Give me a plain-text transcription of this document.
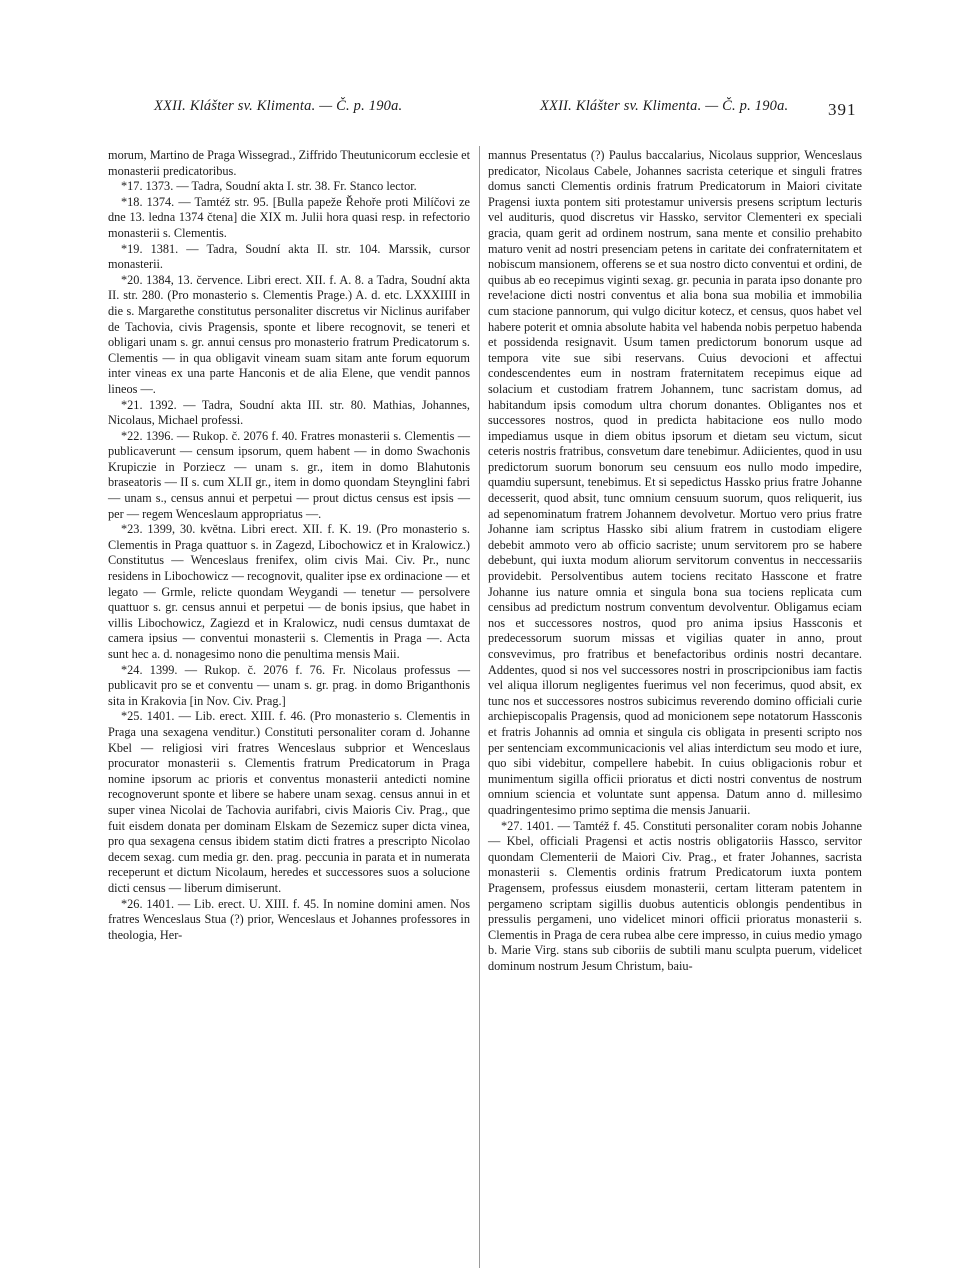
XXII. Klášter sv. Klimenta. — Č. p. 190a.	XXII. Klášter sv. Klimenta. — Č. p. 190a. 391

morum, Martino de Praga Wissegrad., Ziffrido Theutunicorum ecclesie et monasterii predicatoribus.

*17. 1373. — Tadra, Soudní akta I. str. 38. Fr. Stanco lector.

*18. 1374. — Tamtéž str. 95. [Bulla papeže Řehoře proti Milíčovi ze dne 13. ledna 1374 čtena] die XIX m. Julii hora quasi resp. in refectorio monasterii s. Clementis.

*19. 1381. — Tadra, Soudní akta II. str. 104. Marssik, cursor monasterii.

*20. 1384, 13. července. Libri erect. XII. f. A. 8. a Tadra, Soudní akta II. str. 280. (Pro monasterio s. Clementis Prage.) A. d. etc. LXXXIIII in die s. Margarethe constitutus personaliter discretus vir Niclinus aurifaber de Tachovia, civis Pragensis, sponte et libere recognovit, se teneri et obligari unam s. gr. annui census pro monasterio fratrum Predicatorum s. Clementis — in qua obligavit vineam suam sitam ante forum equorum inter vineas ex una parte Hanconis et de alia Elene, que vendit pannos lineos —.

*21. 1392. — Tadra, Soudní akta III. str. 80. Mathias, Johannes, Nicolaus, Michael professi.

*22. 1396. — Rukop. č. 2076 f. 40. Fratres monasterii s. Clementis — publicaverunt — censum ipsorum, quem habent — in domo Swachonis Krupiczie in Porziecz — unam s. gr., item in domo Blahutonis braseatoris — II s. cum XLII gr., item in domo quondam Steynglini fabri — unam s., census annui et perpetui — prout dictus census est ipsis — per — regem Wenceslaum appropriatus —.

*23. 1399, 30. května. Libri erect. XII. f. K. 19. (Pro monasterio s. Clementis in Praga quattuor s. in Zagezd, Libochowicz et in Kralowicz.) Constitutus — Wenceslaus frenifex, olim civis Mai. Civ. Pr., nunc residens in Libochowicz — recognovit, qualiter ipse ex ordinacione — et legato — Grmle, relicte quondam Weygandi — tenetur — persolvere quattuor s. gr. census annui et perpetui — de bonis ipsius, que habet in villis Libochowicz, Zagiezd et in Kralowicz, nudi census dumtaxat de camera ipsius — conventui monasterii s. Clementis in Praga —. Acta sunt hec a. d. nonagesimo nono die penultima mensis Maii.

*24. 1399. — Rukop. č. 2076 f. 76. Fr. Nicolaus professus — publicavit pro se et conventu — unam s. gr. prag. in domo Briganthonis sita in Krakovia [in Nov. Civ. Prag.]

*25. 1401. — Lib. erect. XIII. f. 46. (Pro monasterio s. Clementis in Praga una sexagena venditur.) Constituti personaliter coram d. Johanne Kbel — religiosi viri fratres Wenceslaus subprior et Wenceslaus procurator monasterii s. Clementis fratrum Predicatorum in Praga nomine ipsorum ac prioris et conventus monasterii antedicti nomine recognoverunt sponte et libere se habere unam sexag. census annui in et super vinea Nicolai de Tachovia aurifabri, civis Maioris Civ. Prag., que fuit eisdem donata per dominam Elskam de Sezemicz super dicta vinea, pro qua sexagena census ibidem statim dicti fratres a prescripto Nicolao decem sexag. cum media gr. den. prag. peccunia in parata et in numerata receperunt et dictum Nicolaum, heredes et successores suos a solucione dicti census — liberum dimiserunt.

*26. 1401. — Lib. erect. U. XIII. f. 45. In nomine domini amen. Nos fratres Wenceslaus Stua (?) prior, Wenceslaus et Johannes professores in theologia, Her-

mannus Presentatus (?) Paulus baccalarius, Nicolaus supprior, Wenceslaus predicator, Nicolaus Cabele, Johannes sacrista ceterique et singuli fratres domus sancti Clementis ordinis fratrum Predicatorum in Maiori civitate Pragensi iuxta pontem siti protestamur universis presens scriptum lecturis vel audituris, quod discretus vir Hassko, servitor Clementeri ex speciali gracia, quam gerit ad ordinem nostrum, sana mente et consilio prehabito maturo venit ad nostri presenciam petens in caritate dei confraternitatem et nobiscum mansionem, offerens se et sua nostro dicto conventui et ordini, de quibus ab eo recepimus viginti sexag. gr. pecunia in parata ipso donante pro reve!acione dicti nostri conventus et alia bona sua mobilia et immobilia cum stacione pannorum, qui vulgo dicitur kotecz, et census, quos habet vel habere poterit et omnia absolute habita vel habenda nobis perpetuo habenda et possidenda resignavit. Usum tamen predictorum bonorum usque ad tempora vite sue sibi reservans. Cuius devocioni et affectui condescendentes eum in nostram fraternitatem recepimus eique ad solacium et custodiam fratrem Johannem, tunc sacristam domus, ad habitandum ipsis comodum ultra chorum donantes. Obligantes nos et successores nostros, quod in predicta habitacione eos nullo modo impediamus usque in diem obitus ipsorum et dietam seu victum, sicut ceteris nostris fratribus, consvetum dare tenebimur. Adiicientes, quod in usu predictorum suorum bonorum seu censuum eos nullo modo impedire, quamdiu supersunt, tenebimus. Et si sepedictus Hassko prius fratre Johanne decesserit, quod absit, tunc omnium censuum suorum, quos reliquerit, ius ad sepenominatum fratrem Johannem devolvetur. Mortuo vero prius fratre Johanne iam scriptus Hassko sibi alium fratrem in custodiam eligere debebit ammoto vero ab officio sacriste; unum servitorem pro se habere debebunt, qui iuxta modum aliorum servitorum conventus in neccessariis providebit. Persolventibus autem tociens recitato Hasscone et fratre Johanne ius nature omnia et singula bona sua tociens replicata cum censibus ad predictum nostrum conventum devolventur. Obligamus eciam nos et successores nostros, quod pro anima ipsius Hassconis et predecessorum suorum missas et vigilias quater in anno, prout consvevimus, pro fratribus et benefactoribus ordinis nostri decantare. Addentes, quod si nos vel successores nostri in proscripcionibus iam factis vel aliqua illorum negligentes fuerimus vel non fecerimus, quod absit, ex tunc nos et successores nostros subicimus reverendo domino officiali curie archiepiscopalis Pragensis, quod ad monicionem sepe notatorum Hassconis et fratris Johannis ad omnia et singula cis obligata in presenti scripto nos per sentenciam excommunicacionis vel alias interdictum seu modo et iure, quo sibi videbitur, compellere habebit. In cuius obligacionis robur et munimentum sigilla officii prioratus et dicti nostri conventus de nostrum omnium sciencia et voluntate sunt appensa. Datum anno d. millesimo quadringentesimo primo septima die mensis Januarii.

*27. 1401. — Tamtéž f. 45. Constituti personaliter coram nobis Johanne — Kbel, officiali Pragensi et actis nostris obligatoriis Hassco, servitor quondam Clementerii de Maiori Civ. Prag., et frater Johannes, sacrista monasterii s. Clementis ordinis fratrum Predicatorum iuxta pontem Pragensem, professus eiusdem monasterii, certam litteram patentem in pergameno scriptam sigillis duobus autenticis oblongis pendentibus in pressulis pergameni, uno videlicet minori officii prioratus monasterii s. Clementis in Praga de cera rubea albe cere impresso, in cuius medio ymago b. Marie Virg. stans sub ciboriis de subtili manu sculpta puerum, videlicet dominum nostrum Jesum Christum, baiu-
